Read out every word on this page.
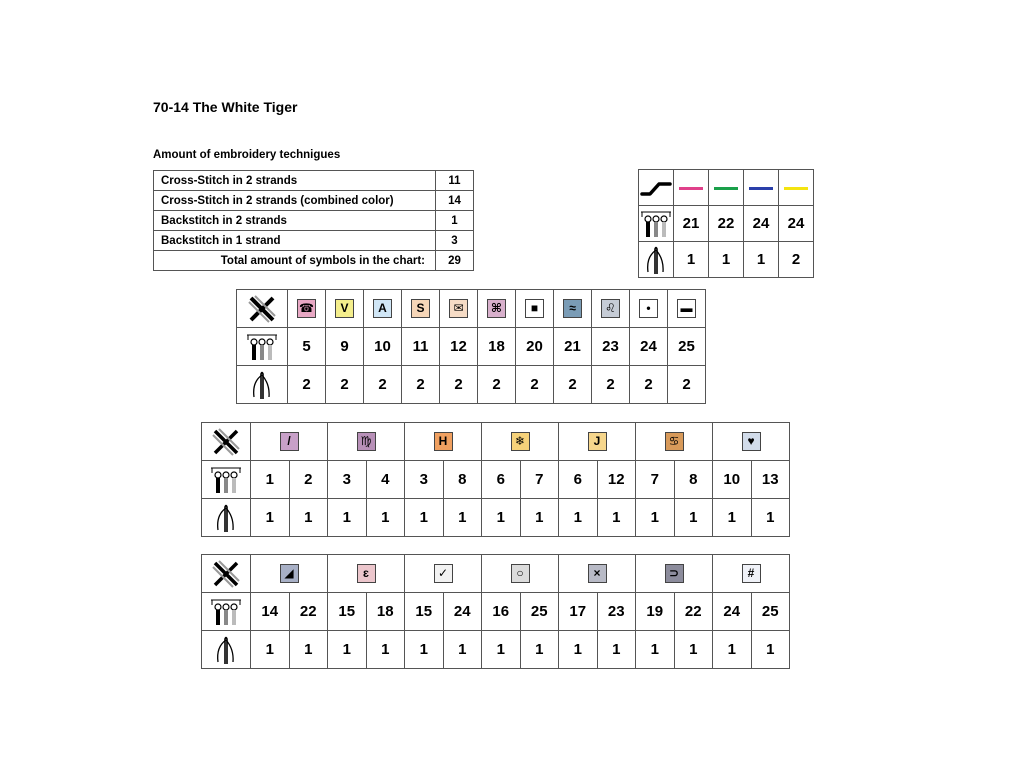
70-14 The White Tiger
Amount of embroidery technigues
Cross-Stitch in 2 strands	11
Cross-Stitch in 2 strands (combined color)	14
Backstitch in 2 strands	1
Backstitch in 1 strand	3
Total amount of symbols in the chart:	29

	21	22	24	24

	1	1	1	2
	☎	V	A	S	✉	⌘	■	≈	♌	•	▬

	5	9	10	11	12	18	20	21	23	24	25

	2	2	2	2	2	2	2	2	2	2	2
	/		♍		H		❄		J		♋		♥	

	1	2	3	4	3	8	6	7	6	12	7	8	10	13

	1	1	1	1	1	1	1	1	1	1	1	1	1	1
	◢		ɛ		✓		○		×		⊃		#	

	14	22	15	18	15	24	16	25	17	23	19	22	24	25

	1	1	1	1	1	1	1	1	1	1	1	1	1	1
